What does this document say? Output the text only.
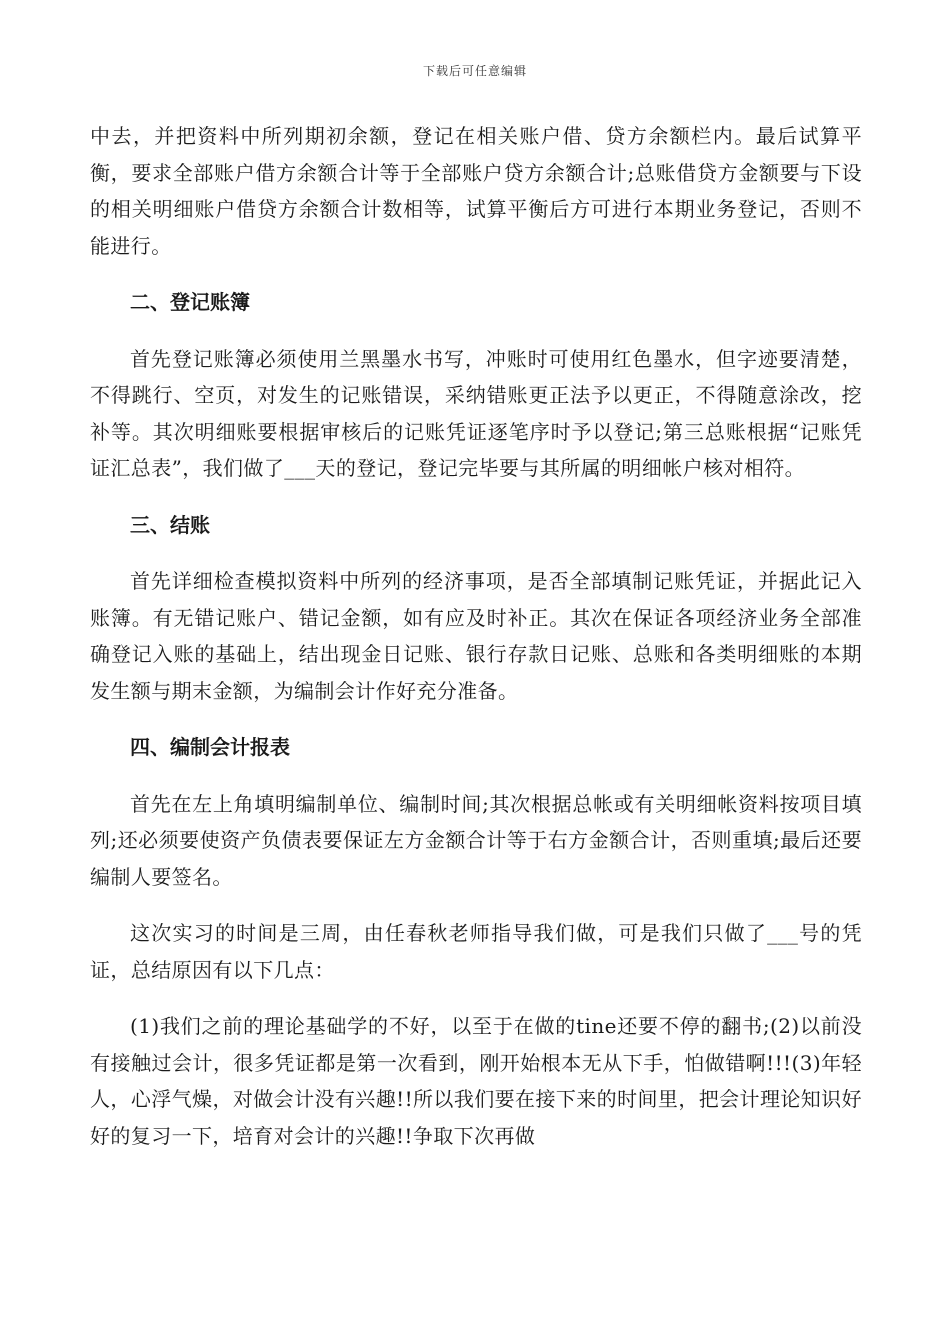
下载后可任意编辑

中去，并把资料中所列期初余额，登记在相关账户借、贷方余额栏内。最后试算平衡，要求全部账户借方余额合计等于全部账户贷方余额合计;总账借贷方金额要与下设的相关明细账户借贷方余额合计数相等，试算平衡后方可进行本期业务登记，否则不能进行。

二、登记账簿

首先登记账簿必须使用兰黑墨水书写，冲账时可使用红色墨水，但字迹要清楚，不得跳行、空页，对发生的记账错误，采纳错账更正法予以更正，不得随意涂改，挖补等。其次明细账要根据审核后的记账凭证逐笔序时予以登记;第三总账根据“记账凭证汇总表”，我们做了___天的登记，登记完毕要与其所属的明细帐户核对相符。

三、结账

首先详细检查模拟资料中所列的经济事项，是否全部填制记账凭证，并据此记入账簿。有无错记账户、错记金额，如有应及时补正。其次在保证各项经济业务全部准确登记入账的基础上，结出现金日记账、银行存款日记账、总账和各类明细账的本期发生额与期末金额，为编制会计作好充分准备。

四、编制会计报表

首先在左上角填明编制单位、编制时间;其次根据总帐或有关明细帐资料按项目填列;还必须要使资产负债表要保证左方金额合计等于右方金额合计，否则重填;最后还要编制人要签名。

这次实习的时间是三周，由任春秋老师指导我们做，可是我们只做了___号的凭证，总结原因有以下几点：

(1)我们之前的理论基础学的不好，以至于在做的tine还要不停的翻书;(2)以前没有接触过会计，很多凭证都是第一次看到，刚开始根本无从下手，怕做错啊!!!(3)年轻人，心浮气燥，对做会计没有兴趣!!所以我们要在接下来的时间里，把会计理论知识好好的复习一下，培育对会计的兴趣!!争取下次再做
